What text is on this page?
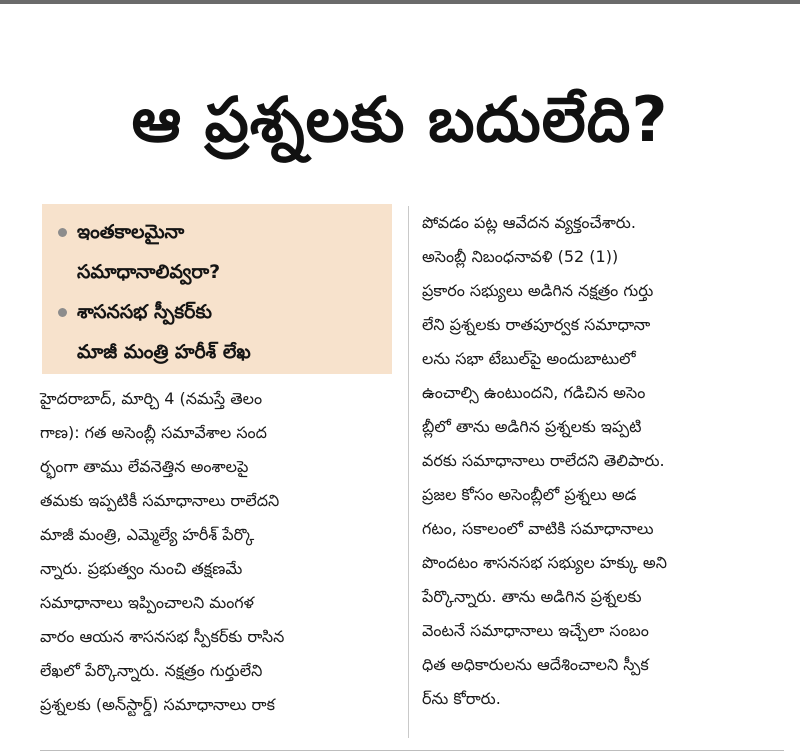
ఆ ప్రశ్నలకు బదులేది?
ఇంతకాలమైనా
సమాధానాలివ్వరా?
శాసనసభ స్పీకర్‌కు
మాజీ మంత్రి హరీశ్ లేఖ
హైదరాబాద్, మార్చి 4 (నమస్తే తెలం
గాణ): గత అసెంబ్లీ సమావేశాల సంద
ర్భంగా తాము లేవనెత్తిన అంశాలపై
తమకు ఇప్పటికీ సమాధానాలు రాలేదని
మాజీ మంత్రి, ఎమ్మెల్యే హరీశ్ పేర్కొ
న్నారు. ప్రభుత్వం నుంచి తక్షణమే
సమాధానాలు ఇప్పించాలని మంగళ
వారం ఆయన శాసనసభ స్పీకర్‌కు రాసిన
లేఖలో పేర్కొన్నారు. నక్షత్రం గుర్తులేని
ప్రశ్నలకు (అన్‌స్టార్డ్) సమాధానాలు రాక
పోవడం పట్ల ఆవేదన వ్యక్తంచేశారు.
అసెంబ్లీ నిబంధనావళి (52 (1))
ప్రకారం సభ్యులు అడిగిన నక్షత్రం గుర్తు
లేని ప్రశ్నలకు రాతపూర్వక సమాధానా
లను సభా టేబుల్‌పై అందుబాటులో
ఉంచాల్సి ఉంటుందని, గడిచిన అసెం
బ్లీలో తాను అడిగిన ప్రశ్నలకు ఇప్పటి
వరకు సమాధానాలు రాలేదని తెలిపారు.
ప్రజల కోసం అసెంబ్లీలో ప్రశ్నలు అడ
గటం, సకాలంలో వాటికి సమాధానాలు
పొందటం శాసనసభ సభ్యుల హక్కు అని
పేర్కొన్నారు. తాను అడిగిన ప్రశ్నలకు
వెంటనే సమాధానాలు ఇచ్చేలా సంబం
ధిత అధికారులను ఆదేశించాలని స్పీక
ర్‌ను కోరారు.
